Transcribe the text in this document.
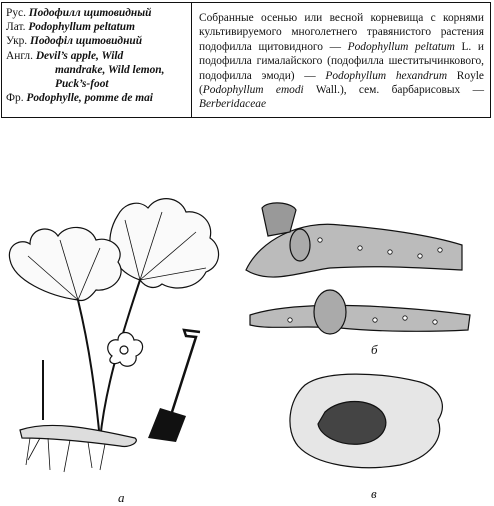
Рус. Подофилл щитовидный
Лат. Podophyllum peltatum
Укр. Подофіл щитовидний
Англ. Devil’s apple, Wild
mandrake, Wild lemon,
Puck’s-foot
Фр. Podophylle, pomme de mai
Собранные осенью или весной корневища с корнями культивируемого многолетнего травянистого растения подофилла щитовидного — Podophyllum peltatum L. и подофилла гималайского (подофилла шеститычинкового, подофилла эмоди) — Podophyllum hexandrum Royle (Podophyllum emodi Wall.), сем. барбарисовых — Berberidaceae
а
б
в
